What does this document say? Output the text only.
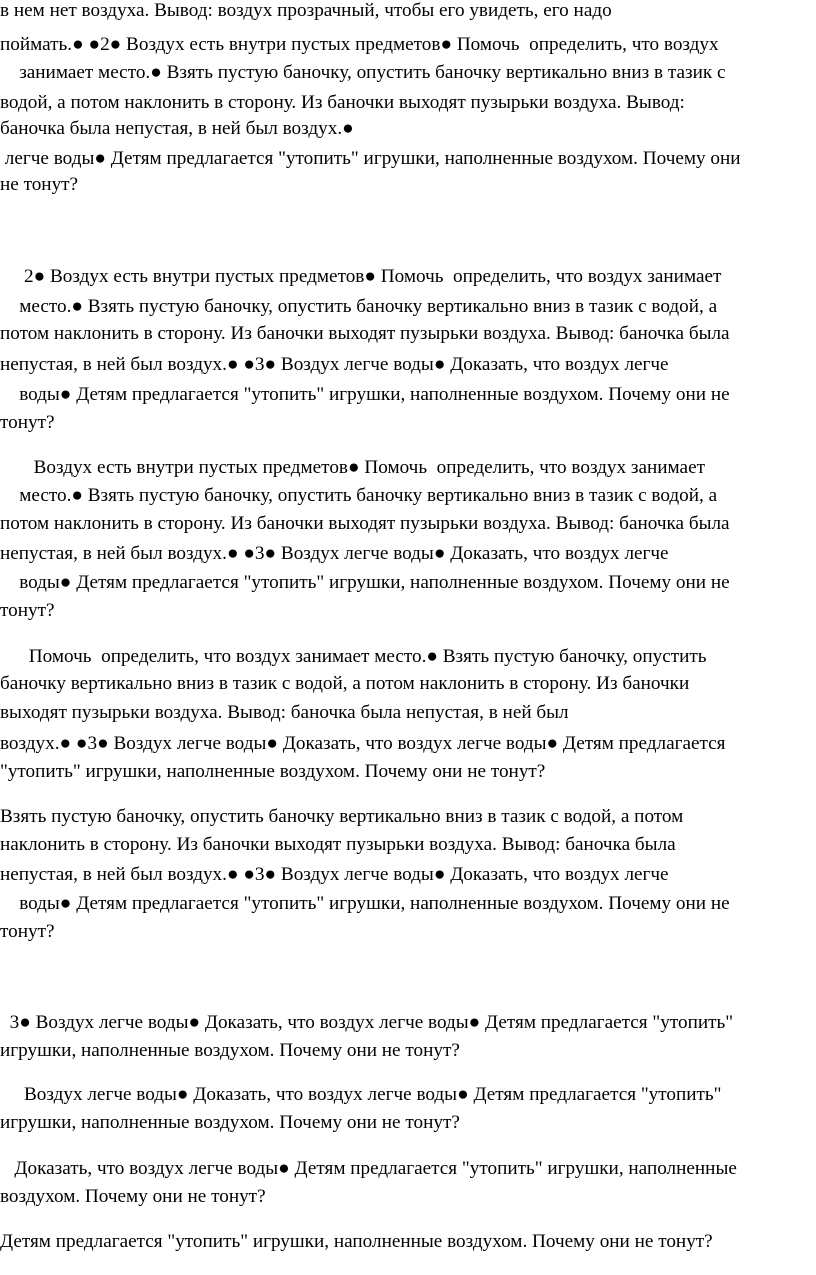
в нем нет воздуха. Вывод: воздух прозрачный, чтобы его увидеть, его надо
поймать.● ●2● Воздух есть внутри пустых предметов● Помочь  определить, что воздух
занимает место.● Взять пустую баночку, опустить баночку вертикально вниз в тазик с
водой, а потом наклонить в сторону. Из баночки выходят пузырьки воздуха. Вывод:
баночка была непустая, в ней был воздух.●
легче воды● Детям предлагается "утопить" игрушки, наполненные воздухом. Почему они
не тонут?
2● Воздух есть внутри пустых предметов● Помочь  определить, что воздух занимает
место.● Взять пустую баночку, опустить баночку вертикально вниз в тазик с водой, а
потом наклонить в сторону. Из баночки выходят пузырьки воздуха. Вывод: баночка была
непустая, в ней был воздух.● ●3● Воздух легче воды● Доказать, что воздух легче
воды● Детям предлагается "утопить" игрушки, наполненные воздухом. Почему они не
тонут?
Воздух есть внутри пустых предметов● Помочь  определить, что воздух занимает
место.● Взять пустую баночку, опустить баночку вертикально вниз в тазик с водой, а
потом наклонить в сторону. Из баночки выходят пузырьки воздуха. Вывод: баночка была
непустая, в ней был воздух.● ●3● Воздух легче воды● Доказать, что воздух легче
воды● Детям предлагается "утопить" игрушки, наполненные воздухом. Почему они не
тонут?
Помочь  определить, что воздух занимает место.● Взять пустую баночку, опустить
баночку вертикально вниз в тазик с водой, а потом наклонить в сторону. Из баночки
выходят пузырьки воздуха. Вывод: баночка была непустая, в ней был
воздух.● ●3● Воздух легче воды● Доказать, что воздух легче воды● Детям предлагается
"утопить" игрушки, наполненные воздухом. Почему они не тонут?
Взять пустую баночку, опустить баночку вертикально вниз в тазик с водой, а потом
наклонить в сторону. Из баночки выходят пузырьки воздуха. Вывод: баночка была
непустая, в ней был воздух.● ●3● Воздух легче воды● Доказать, что воздух легче
воды● Детям предлагается "утопить" игрушки, наполненные воздухом. Почему они не
тонут?
3● Воздух легче воды● Доказать, что воздух легче воды● Детям предлагается "утопить"
игрушки, наполненные воздухом. Почему они не тонут?
Воздух легче воды● Доказать, что воздух легче воды● Детям предлагается "утопить"
игрушки, наполненные воздухом. Почему они не тонут?
Доказать, что воздух легче воды● Детям предлагается "утопить" игрушки, наполненные
воздухом. Почему они не тонут?
Детям предлагается "утопить" игрушки, наполненные воздухом. Почему они не тонут?
